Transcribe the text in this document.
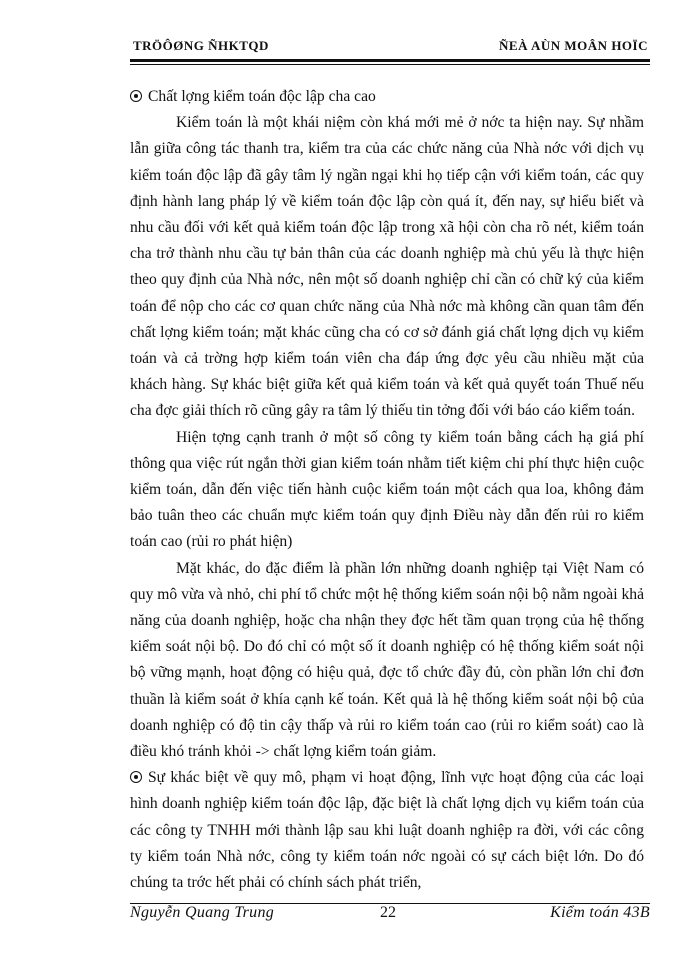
TRÖÔØNG ÑHKTQD	ÑEÀ AÙN MOÂN HOÏC

Chất lợng kiểm toán độc lập cha cao

Kiểm toán là một khái niệm còn khá mới mẻ ở nớc ta hiện nay. Sự nhầm lẫn giữa công tác thanh tra, kiểm tra của các chức năng của Nhà nớc với dịch vụ kiểm toán độc lập đã gây tâm lý ngần ngại khi họ tiếp cận với kiểm toán, các quy định hành lang pháp lý về kiểm toán độc lập còn quá ít, đến nay, sự hiểu biết và nhu cầu đối với kết quả kiểm toán độc lập trong xã hội còn cha rõ nét, kiểm toán cha trở thành nhu cầu tự bản thân của các doanh nghiệp mà chủ yếu là thực hiện theo quy định của Nhà nớc, nên một số doanh nghiệp chỉ cần có chữ ký của kiểm toán để nộp cho các cơ quan chức năng của Nhà nớc mà không cần quan tâm đến chất lợng kiểm toán; mặt khác cũng cha có cơ sở đánh giá chất lợng dịch vụ kiểm toán và cả trờng hợp kiểm toán viên cha đáp ứng đợc yêu cầu nhiều mặt của khách hàng. Sự khác biệt giữa kết quả kiểm toán và kết quả quyết toán Thuế nếu cha đợc giải thích rõ cũng gây ra tâm lý thiếu tin tởng đối với báo cáo kiểm toán.

Hiện tợng cạnh tranh ở một số công ty kiểm toán bằng cách hạ giá phí thông qua việc rút ngắn thời gian kiểm toán nhằm tiết kiệm chi phí thực hiện cuộc kiểm toán, dẫn đến việc tiến hành cuộc kiểm toán một cách qua loa, không đảm bảo tuân theo các chuẩn mực kiểm toán quy định Điều này dẫn đến rủi ro kiểm toán cao (rủi ro phát hiện)

Mặt khác, do đặc điểm là phần lớn những doanh nghiệp tại Việt Nam có quy mô vừa và nhỏ, chi phí tổ chức một hệ thống kiểm soán nội bộ nằm ngoài khả năng của doanh nghiệp, hoặc cha nhận they đợc hết tầm quan trọng của hệ thống kiểm soát nội bộ. Do đó chỉ có một số ít doanh nghiệp có hệ thống kiểm soát nội bộ vững mạnh, hoạt động có hiệu quả, đợc tổ chức đầy đủ, còn phần lớn chỉ đơn thuần là kiểm soát ở khía cạnh kế toán. Kết quả là hệ thống kiểm soát nội bộ của doanh nghiệp có độ tin cậy thấp và rủi ro kiểm toán cao (rủi ro kiểm soát) cao là điều khó tránh khỏi -> chất lợng kiểm toán giảm.

Sự khác biệt về quy mô, phạm vi hoạt động, lĩnh vực hoạt động của các loại hình doanh nghiệp kiểm toán độc lập, đặc biệt là chất lợng dịch vụ kiểm toán của các công ty TNHH mới thành lập sau khi luật doanh nghiệp ra đời, với các công ty kiểm toán Nhà nớc, công ty kiểm toán nớc ngoài có sự cách biệt lớn. Do đó chúng ta trớc hết phải có chính sách phát triển,

Nguyễn Quang Trung	22	Kiểm toán 43B
